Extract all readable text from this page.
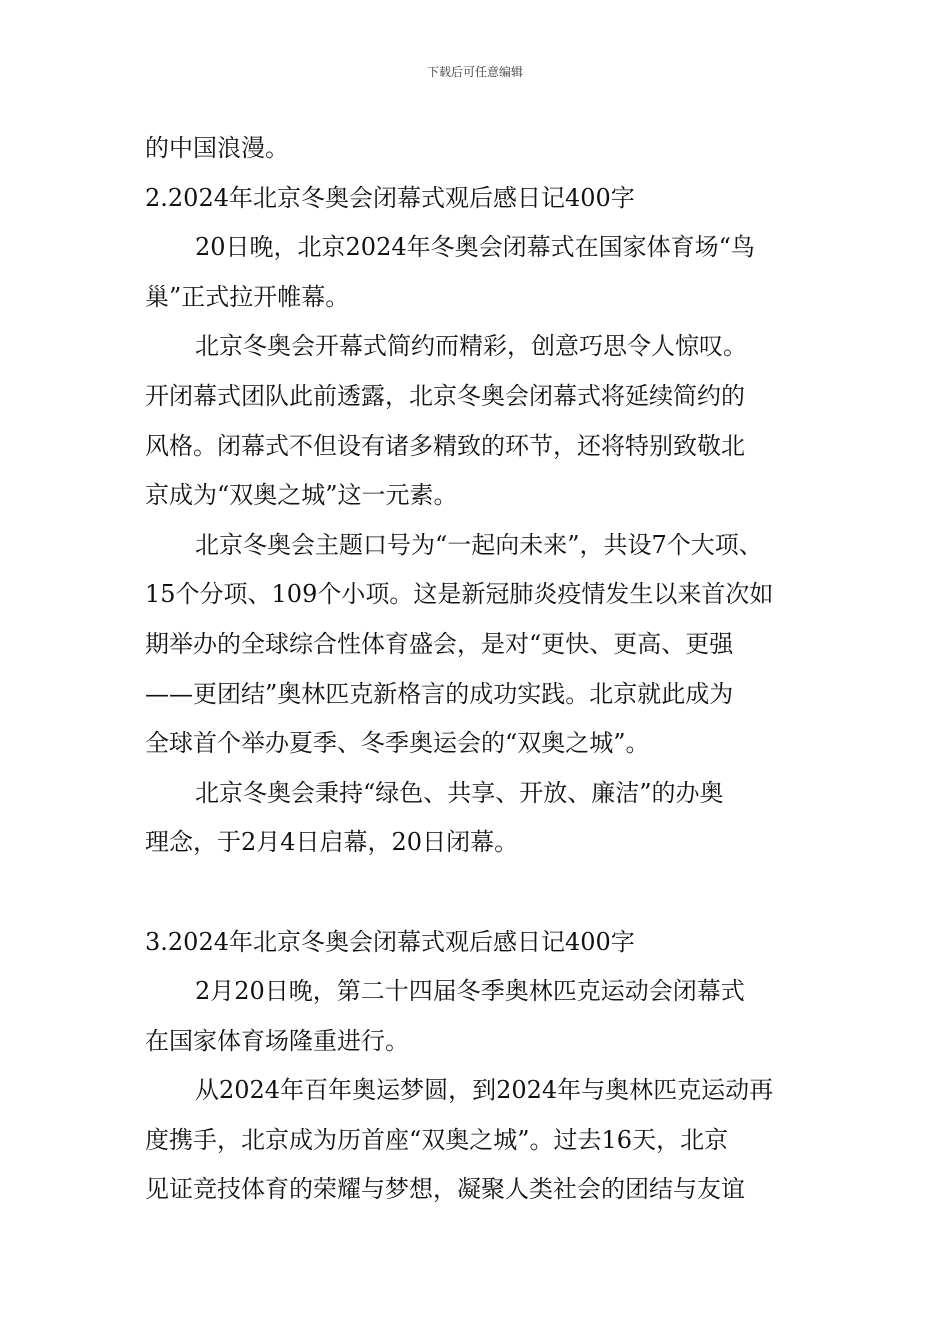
下载后可任意编辑
的中国浪漫。
2.2024年北京冬奥会闭幕式观后感日记400字
20日晚，北京2024年冬奥会闭幕式在国家体育场“鸟
巢”正式拉开帷幕。
北京冬奥会开幕式简约而精彩，创意巧思令人惊叹。
开闭幕式团队此前透露，北京冬奥会闭幕式将延续简约的
风格。闭幕式不但设有诸多精致的环节，还将特别致敬北
京成为“双奥之城”这一元素。
北京冬奥会主题口号为“一起向未来”，共设7个大项、
15个分项、109个小项。这是新冠肺炎疫情发生以来首次如
期举办的全球综合性体育盛会，是对“更快、更高、更强
——更团结”奥林匹克新格言的成功实践。北京就此成为
全球首个举办夏季、冬季奥运会的“双奥之城”。
北京冬奥会秉持“绿色、共享、开放、廉洁”的办奥
理念，于2月4日启幕，20日闭幕。
3.2024年北京冬奥会闭幕式观后感日记400字
2月20日晚，第二十四届冬季奥林匹克运动会闭幕式
在国家体育场隆重进行。
从2024年百年奥运梦圆，到2024年与奥林匹克运动再
度携手，北京成为历首座“双奥之城”。过去16天，北京
见证竞技体育的荣耀与梦想，凝聚人类社会的团结与友谊
